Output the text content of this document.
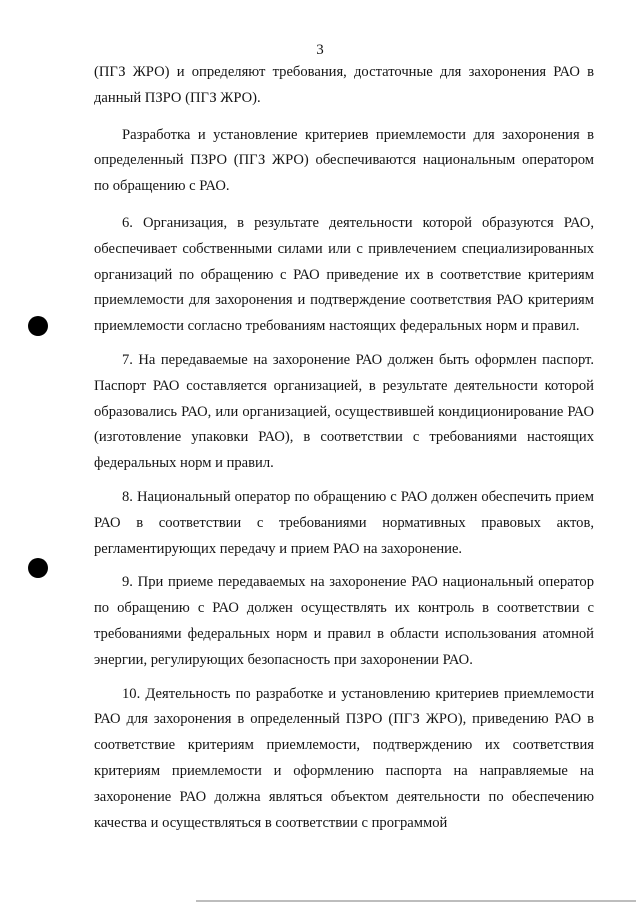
3

(ПГЗ ЖРО) и определяют требования, достаточные для захоронения РАО в данный ПЗРО (ПГЗ ЖРО).

Разработка и установление критериев приемлемости для захоронения в определенный ПЗРО (ПГЗ ЖРО) обеспечиваются национальным оператором по обращению с РАО.

6. Организация, в результате деятельности которой образуются РАО, обеспечивает собственными силами или с привлечением специализированных организаций по обращению с РАО приведение их в соответствие критериям приемлемости для захоронения и подтверждение соответствия РАО критериям приемлемости согласно требованиям настоящих федеральных норм и правил.

7. На передаваемые на захоронение РАО должен быть оформлен паспорт. Паспорт РАО составляется организацией, в результате деятельности которой образовались РАО, или организацией, осуществившей кондиционирование РАО (изготовление упаковки РАО), в соответствии с требованиями настоящих федеральных норм и правил.

8. Национальный оператор по обращению с РАО должен обеспечить прием РАО в соответствии с требованиями нормативных правовых актов, регламентирующих передачу и прием РАО на захоронение.

9. При приеме передаваемых на захоронение РАО национальный оператор по обращению с РАО должен осуществлять их контроль в соответствии с требованиями федеральных норм и правил в области использования атомной энергии, регулирующих безопасность при захоронении РАО.

10. Деятельность по разработке и установлению критериев приемлемости РАО для захоронения в определенный ПЗРО (ПГЗ ЖРО), приведению РАО в соответствие критериям приемлемости, подтверждению их соответствия критериям приемлемости и оформлению паспорта на направляемые на захоронение РАО должна являться объектом деятельности по обеспечению качества и осуществляться в соответствии с программой
